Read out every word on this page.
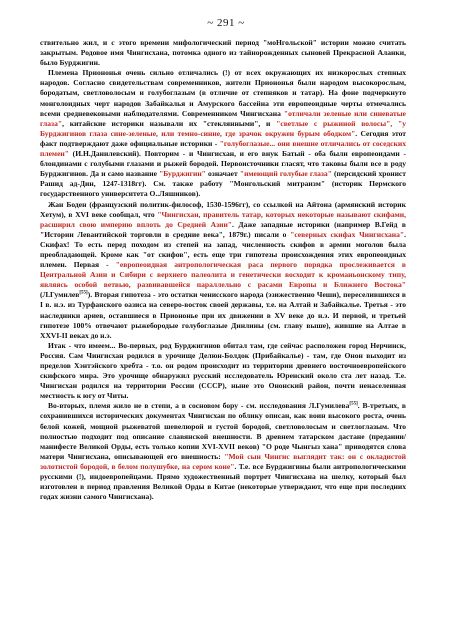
~ 291 ~

ствительно жил, и с этого времени мифологический период "моНгольской" истории можно считать закрытым. Родовое имя Чингисхана, потомка одного из тайнорожденных сыновей Прекрасной Аланки, было Бурджигин.

Племена Приононья очень сильно отличались (!) от всех окружающих их низкорослых степных народов. Согласно свидетельствам современников, жители Приононья были народом высокорослым, бородатым, светловолосым и голубоглазым (в отличие от степняков и татар). На фоне подчеркнуто монголоидных черт народов Забайкалья и Амурского бассейна эти европеоидные черты отмечались всеми средневековыми наблюдателями. Современником Чингисхана "отличали зеленые или синеватые глаза", китайские историки называли их "стеклянными", и "светлые с рыжиной волосы", "у Бурджигинов глаза сине-зеленые, или темно-синие, где зрачок окружен бурым ободком". Сегодня этот факт подтверждают даже официальные историки - "голубоглазые... они внешне отличались от соседских племен" (И.Н.Данилевский). Повторим - и Чингисхан, и его внук Батый - оба были европеоидами - блондинами с голубыми глазами и рыжей бородой. Первоисточники гласят, что таковы были все в роду Бурджигинов. Да и само название "Бурджигин" означает "имеющий голубые глаза" (персидский хронист Рашид ад-Дин, 1247-1318гг). См. также работу "Монгольский митраизм" (историк Пермского государственного университета О..Ляшинков).

Жан Боден (французский политик-философ, 1530-1596гг), со ссылкой на Айтона (армянский историк Хетум), в XVI веке сообщал, что "Чингисхан, правитель татар, которых некоторые называют скифами, расширил свою империю вплоть до Средней Азии". Даже западные историки (например В.Гейд в "Истории Левантийской торговли в средние века", 1879г.) писали о "северных скифах Чингисхана". Скифах! То есть перед походом из степей на запад, численность скифов в армии моголов была преобладающей. Кроме как "от скифов", есть еще три гипотезы происхождения этих европеоидных племен. Первая - "европеоидная антропологическая раса первого порядка прослеживается в Центральной Азии и Сибири с верхнего палеолита и генетически восходит к кроманьонскому типу, являясь особой ветвью, развивавшейся параллельно с расами Европы и Ближнего Востока" (Л.Гумилев[55]). Вторая гипотеза - это остатки ченисского народа (эзижественно Чеши), переселившихся в I в. н.э. из Турфанского оазиса на северо-восток своей державы, т.е. на Алтай и Забайкалье. Третья - это наследники ариев, оставшиеся в Приононье при их движении в XV веке до н.э. И первой, и третьей гипотезе 100% отвечают рыжебородые голубоглазые Динлины (см. главу выше), жившие на Алтае в XXVI-II веках до н.э.

Итак - что имеем... Во-первых, род Бурджигинов обитал там, где сейчас расположен город Нерчинск, Россия. Сам Чингисхан родился в урочище Делюн-Болдок (Прибайкалье) - там, где Онон выходит из пределов Хэнтэйского хребта - т.о. он родом происходит из территории древнего восточноевропейского скифского мира. Это урочище обнаружил русский исследователь Юренский около ста лет назад. Т.е. Чингисхан родился на территории России (СССР), ныне это Ононский район, почти ненаселенная местность к югу от Читы.

Во-вторых, племя жило не в степи, а в сосновом бору - см. исследования Л.Гумилева[55]. В-третьих, в сохранившихся исторических документах Чингисхан по облику описан, как воин высокого роста, очень белой кожей, мощной рыжеватой шевелюрой и густой бородой, светловолосым и светлоглазым. Что полностью подходит под описание славянской внешности. В древнем татарском дастане (предании/манифесте Великой Орды, есть только копии XVI-XVII веков) "О роде Чынгыз хана" приводятся слова матери Чингисхана, описывающей его внешность: "Мой сын Чингис выглядит так: он с окладистой золотистой бородой, в белом полушубке, на сером коне". Т.е. все Бурджигины были антропологическими русскими (!), индоевропейцами. Прямо художественный портрет Чингисхана на шелку, который был изготовлен в период правления Великой Орды в Китае (некоторые утверждают, что еще при последних годах жизни самого Чингисхана).
